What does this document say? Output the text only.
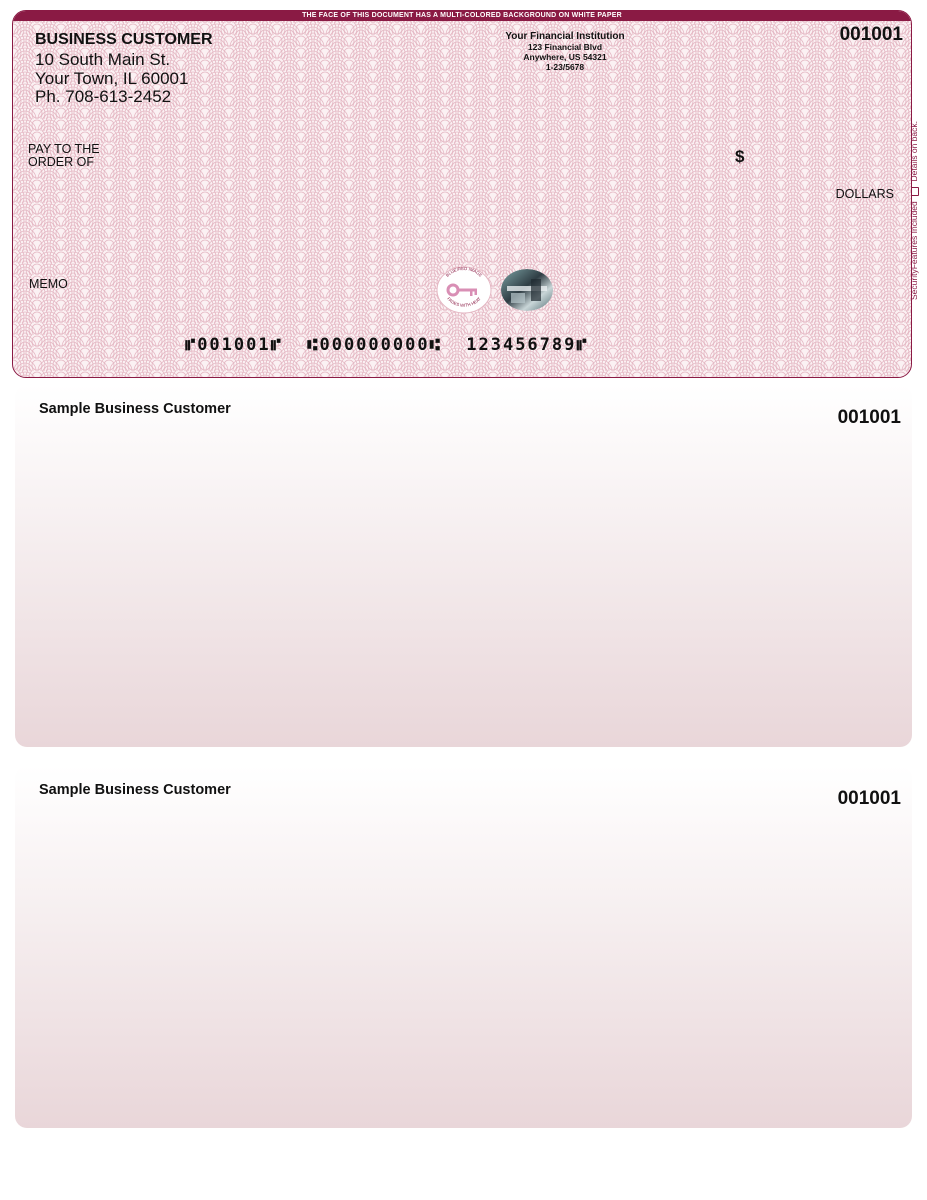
THE FACE OF THIS DOCUMENT HAS A MULTI-COLORED BACKGROUND ON WHITE PAPER
BUSINESS CUSTOMER
10 South Main St.
Your Town, IL 60001
Ph. 708-613-2452
Your Financial Institution
123 Financial Blvd
Anywhere, US 54321
1-23/5678
001001
PAY TO THE
ORDER OF	$
DOLLARS
MEMO
BLUE/RED IMAGE
FADES WITH HEAT
⑈001001⑈  ⑆000000000⑆  123456789⑈
SecurityFeatures Included  Details on back.
Sample Business Customer	001001
Sample Business Customer	001001
